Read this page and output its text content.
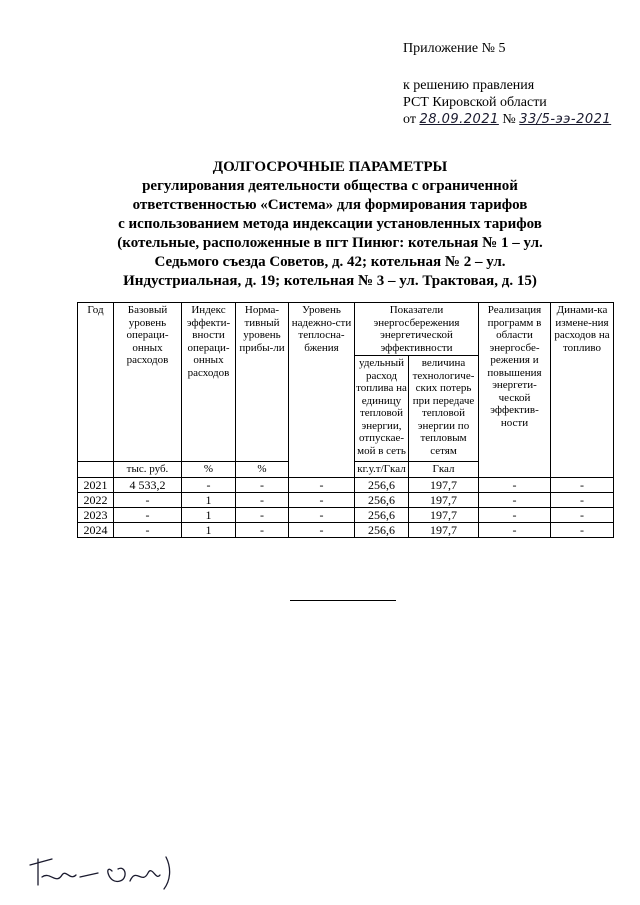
Приложение № 5
к решению правления
РСТ Кировской области
от 28.09.2021 № 33/5-ээ-2021
ДОЛГОСРОЧНЫЕ ПАРАМЕТРЫ
регулирования деятельности общества с ограниченной
ответственностью «Система» для формирования тарифов
с использованием метода индексации установленных тарифов
(котельные, расположенные в пгт Пинюг: котельная № 1 – ул.
Седьмого съезда Советов, д. 42; котельная № 2 – ул.
Индустриальная, д. 19; котельная № 3 – ул. Трактовая, д. 15)
Год	Базовый уровень операци-онных расходов	Индекс эффекти-вности операци-онных расходов	Норма-тивный уровень прибы-ли	Уровень надежно-сти теплосна-бжения	Показатели энергосбережения энергетической эффективности		Реализация программ в области энергосбе-режения и повышения энергети-ческой эффектив-ности	Динами-ка измене-ния расходов на топливо
					удельный расход топлива на единицу тепловой энергии, отпускае-мой в сеть	величина технологиче-ских потерь при передаче тепловой энергии по тепловым сетям		
	тыс. руб.	%	%		кг.у.т/Гкал	Гкал		
2021	4 533,2	-	-	-	256,6	197,7	-	-
2022	-	1	-	-	256,6	197,7	-	-
2023	-	1	-	-	256,6	197,7	-	-
2024	-	1	-	-	256,6	197,7	-	-
